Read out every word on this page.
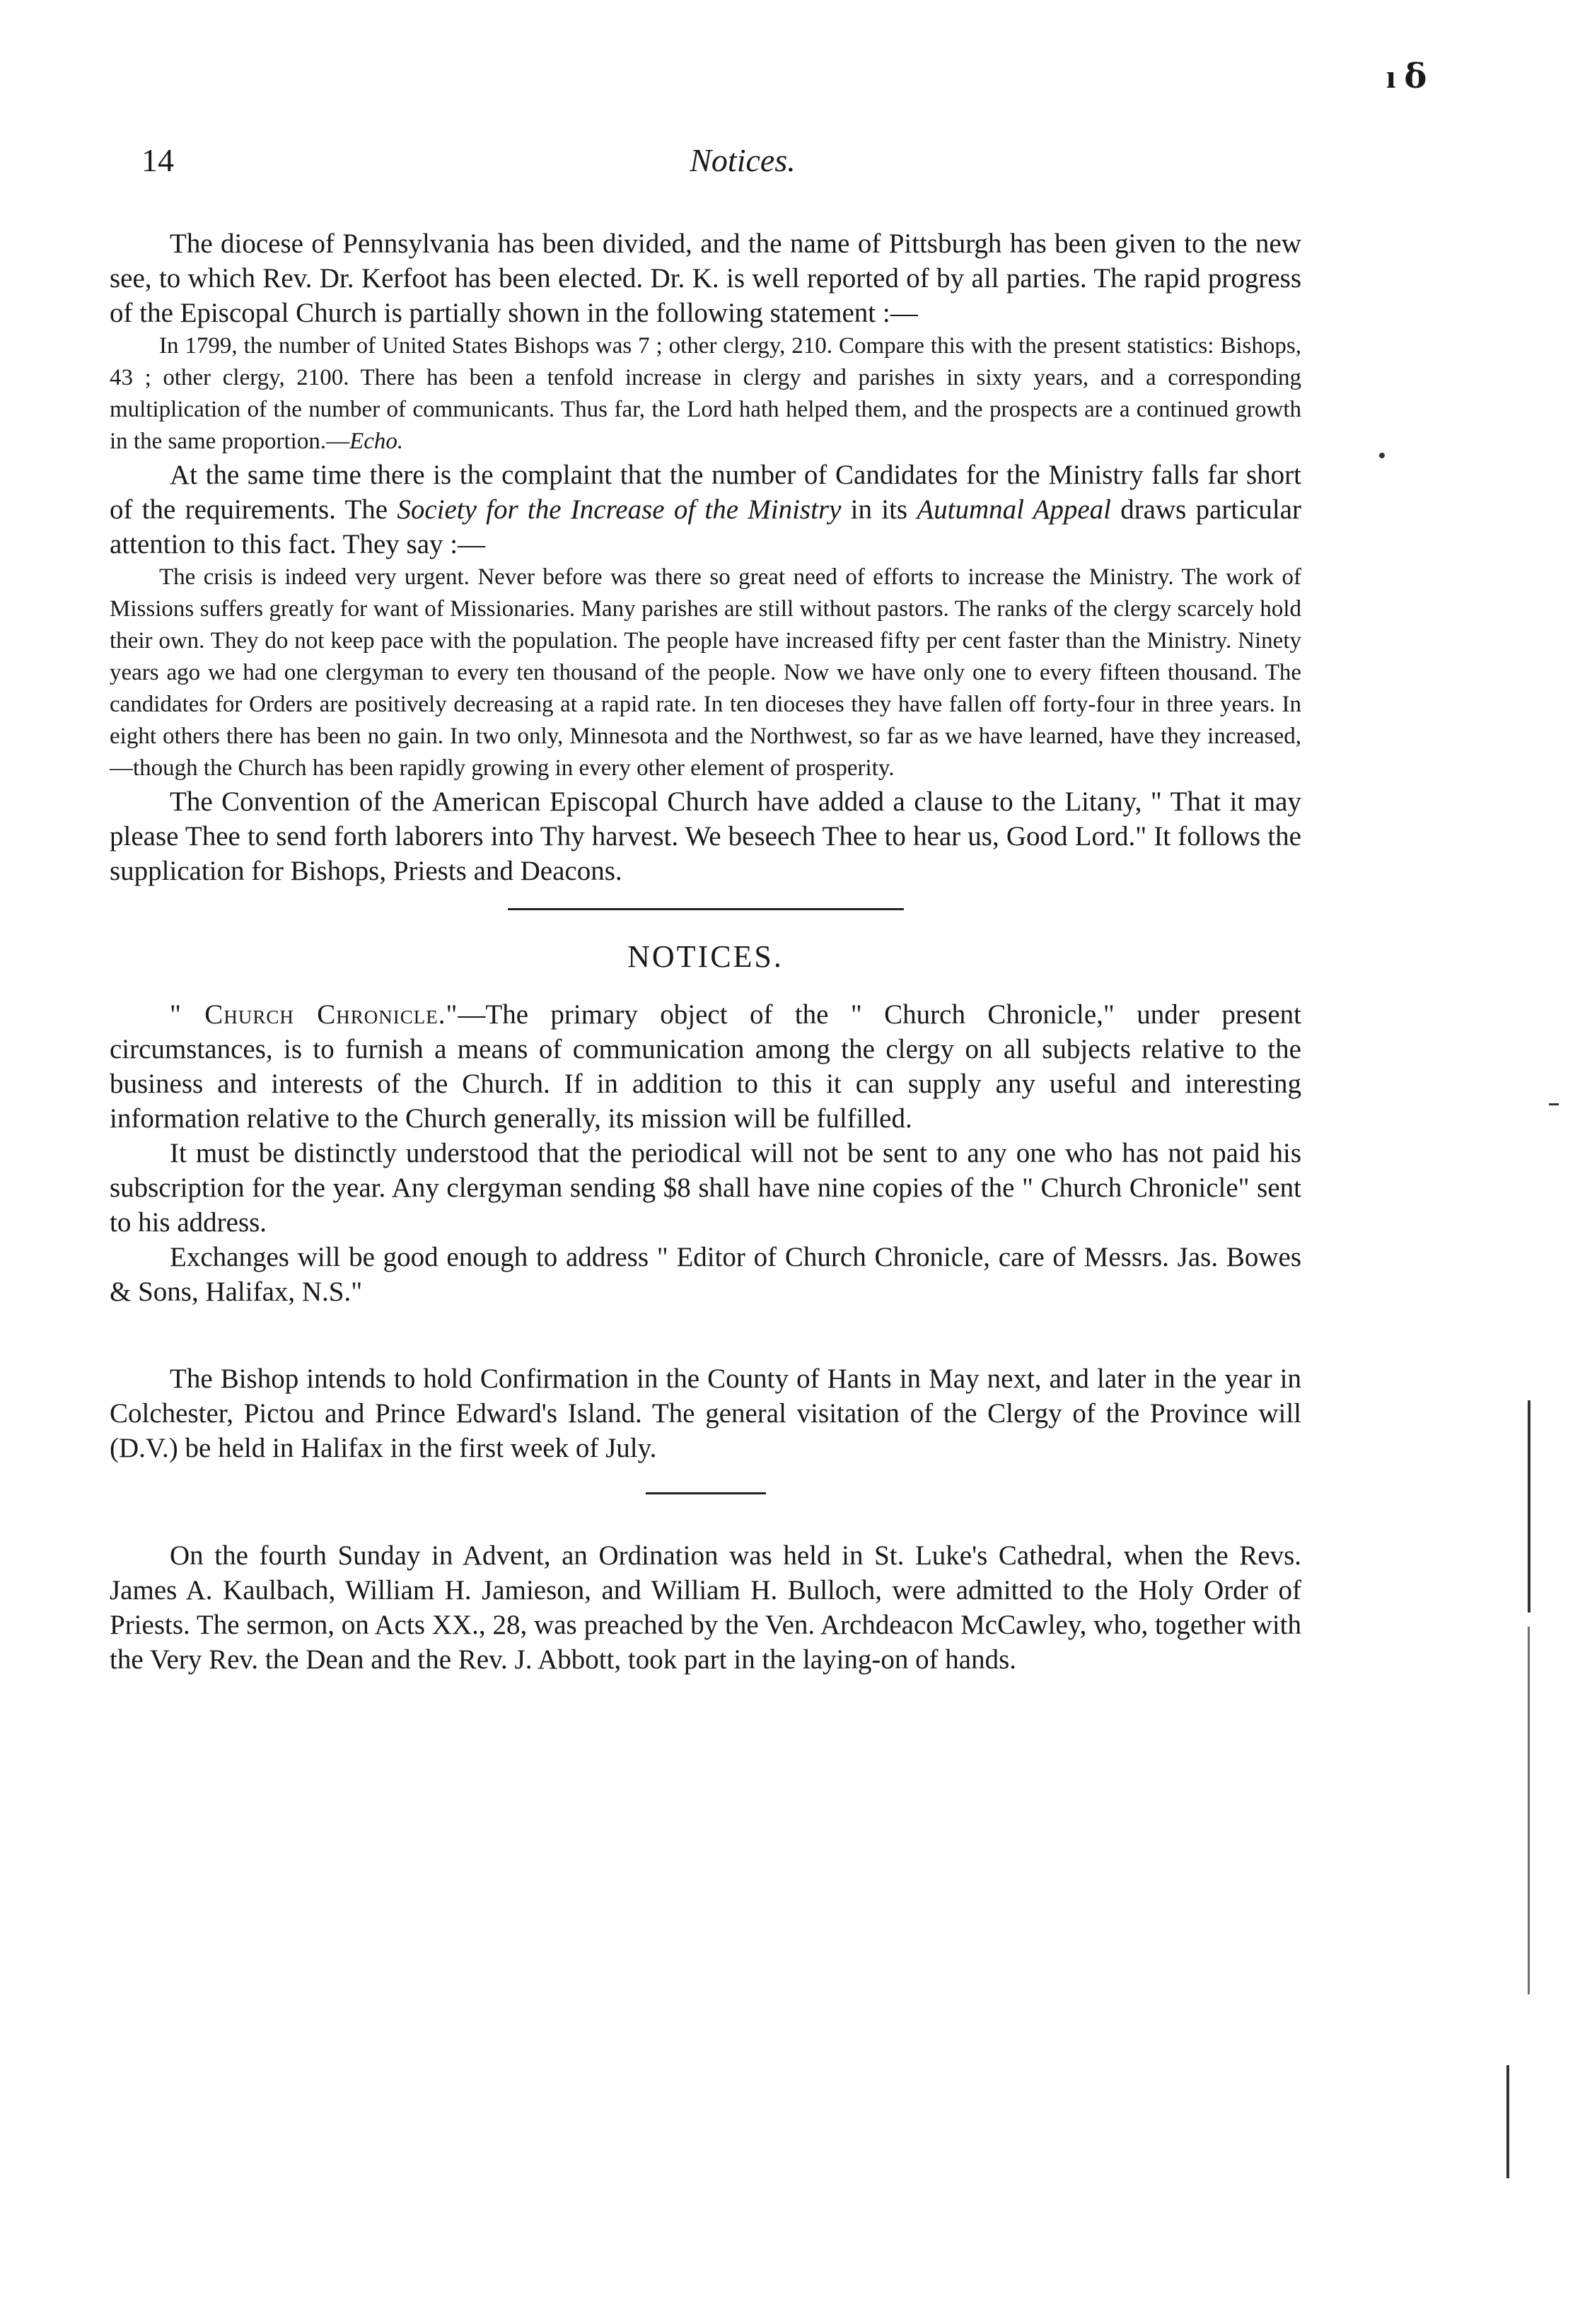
ı ẟ
14	Notices.

The diocese of Pennsylvania has been divided, and the name of Pittsburgh has been given to the new see, to which Rev. Dr. Kerfoot has been elected. Dr. K. is well reported of by all parties. The rapid progress of the Episcopal Church is partially shown in the following statement :—

In 1799, the number of United States Bishops was 7 ; other clergy, 210. Compare this with the present statistics: Bishops, 43 ; other clergy, 2100. There has been a tenfold increase in clergy and parishes in sixty years, and a corresponding multiplication of the number of communicants. Thus far, the Lord hath helped them, and the prospects are a continued growth in the same proportion.—Echo.

At the same time there is the complaint that the number of Candidates for the Ministry falls far short of the requirements. The Society for the Increase of the Ministry in its Autumnal Appeal draws particular attention to this fact. They say :—

The crisis is indeed very urgent. Never before was there so great need of efforts to increase the Ministry. The work of Missions suffers greatly for want of Missionaries. Many parishes are still without pastors. The ranks of the clergy scarcely hold their own. They do not keep pace with the population. The people have increased fifty per cent faster than the Ministry. Ninety years ago we had one clergyman to every ten thousand of the people. Now we have only one to every fifteen thousand. The candidates for Orders are positively decreasing at a rapid rate. In ten dioceses they have fallen off forty-four in three years. In eight others there has been no gain. In two only, Minnesota and the Northwest, so far as we have learned, have they increased,—though the Church has been rapidly growing in every other element of prosperity.

The Convention of the American Episcopal Church have added a clause to the Litany, " That it may please Thee to send forth laborers into Thy harvest. We beseech Thee to hear us, Good Lord." It follows the supplication for Bishops, Priests and Deacons.

NOTICES.

" Church Chronicle."—The primary object of the " Church Chronicle," under present circumstances, is to furnish a means of communication among the clergy on all subjects relative to the business and interests of the Church. If in addition to this it can supply any useful and interesting information relative to the Church generally, its mission will be fulfilled.

It must be distinctly understood that the periodical will not be sent to any one who has not paid his subscription for the year. Any clergyman sending $8 shall have nine copies of the " Church Chronicle" sent to his address.

Exchanges will be good enough to address " Editor of Church Chronicle, care of Messrs. Jas. Bowes & Sons, Halifax, N.S."

The Bishop intends to hold Confirmation in the County of Hants in May next, and later in the year in Colchester, Pictou and Prince Edward's Island. The general visitation of the Clergy of the Province will (D.V.) be held in Halifax in the first week of July.

On the fourth Sunday in Advent, an Ordination was held in St. Luke's Cathedral, when the Revs. James A. Kaulbach, William H. Jamieson, and William H. Bulloch, were admitted to the Holy Order of Priests. The sermon, on Acts XX., 28, was preached by the Ven. Archdeacon McCawley, who, together with the Very Rev. the Dean and the Rev. J. Abbott, took part in the laying-on of hands.
